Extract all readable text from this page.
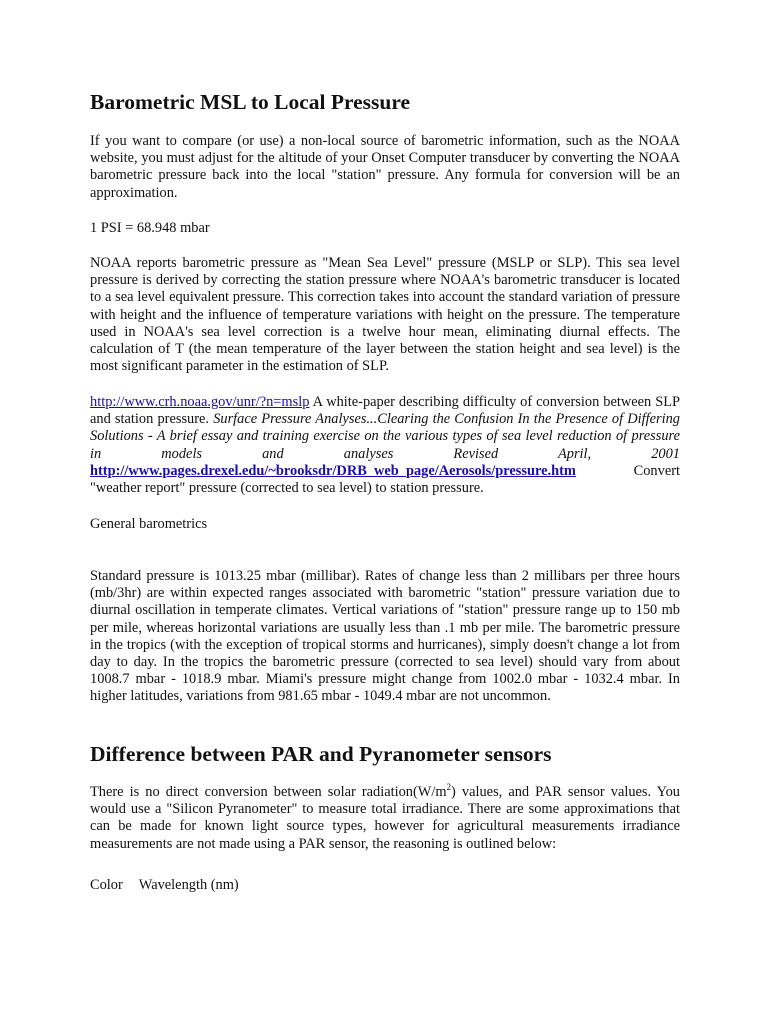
Barometric MSL to Local Pressure

If you want to compare (or use) a non-local source of barometric information, such as the NOAA website, you must adjust for the altitude of your Onset Computer transducer by converting the NOAA barometric pressure back into the local "station" pressure. Any formula for conversion will be an approximation.

1 PSI = 68.948 mbar

NOAA reports barometric pressure as "Mean Sea Level" pressure (MSLP or SLP). This sea level pressure is derived by correcting the station pressure where NOAA's barometric transducer is located to a sea level equivalent pressure. This correction takes into account the standard variation of pressure with height and the influence of temperature variations with height on the pressure. The temperature used in NOAA's sea level correction is a twelve hour mean, eliminating diurnal effects. The calculation of T (the mean temperature of the layer between the station height and sea level) is the most significant parameter in the estimation of SLP.

http://www.crh.noaa.gov/unr/?n=mslp A white-paper describing difficulty of conversion between SLP and station pressure. Surface Pressure Analyses...Clearing the Confusion In the Presence of Differing Solutions - A brief essay and training exercise on the various types of sea level reduction of pressure in models and analyses Revised April, 2001 http://www.pages.drexel.edu/~brooksdr/DRB_web_page/Aerosols/pressure.htm Convert "weather report" pressure (corrected to sea level) to station pressure.

General barometrics

Standard pressure is 1013.25 mbar (millibar). Rates of change less than 2 millibars per three hours (mb/3hr) are within expected ranges associated with barometric "station" pressure variation due to diurnal oscillation in temperate climates. Vertical variations of "station" pressure range up to 150 mb per mile, whereas horizontal variations are usually less than .1 mb per mile. The barometric pressure in the tropics (with the exception of tropical storms and hurricanes), simply doesn't change a lot from day to day. In the tropics the barometric pressure (corrected to sea level) should vary from about 1008.7 mbar - 1018.9 mbar. Miami's pressure might change from 1002.0 mbar - 1032.4 mbar. In higher latitudes, variations from 981.65 mbar - 1049.4 mbar are not uncommon.

Difference between PAR and Pyranometer sensors

There is no direct conversion between solar $radiation(W/m^2)$ values, and PAR sensor values. You would use a "Silicon Pyranometer" to measure total irradiance. There are some approximations that can be made for known light source types, however for agricultural measurements irradiance measurements are not made using a PAR sensor, the reasoning is outlined below:

Color Wavelength (nm)
